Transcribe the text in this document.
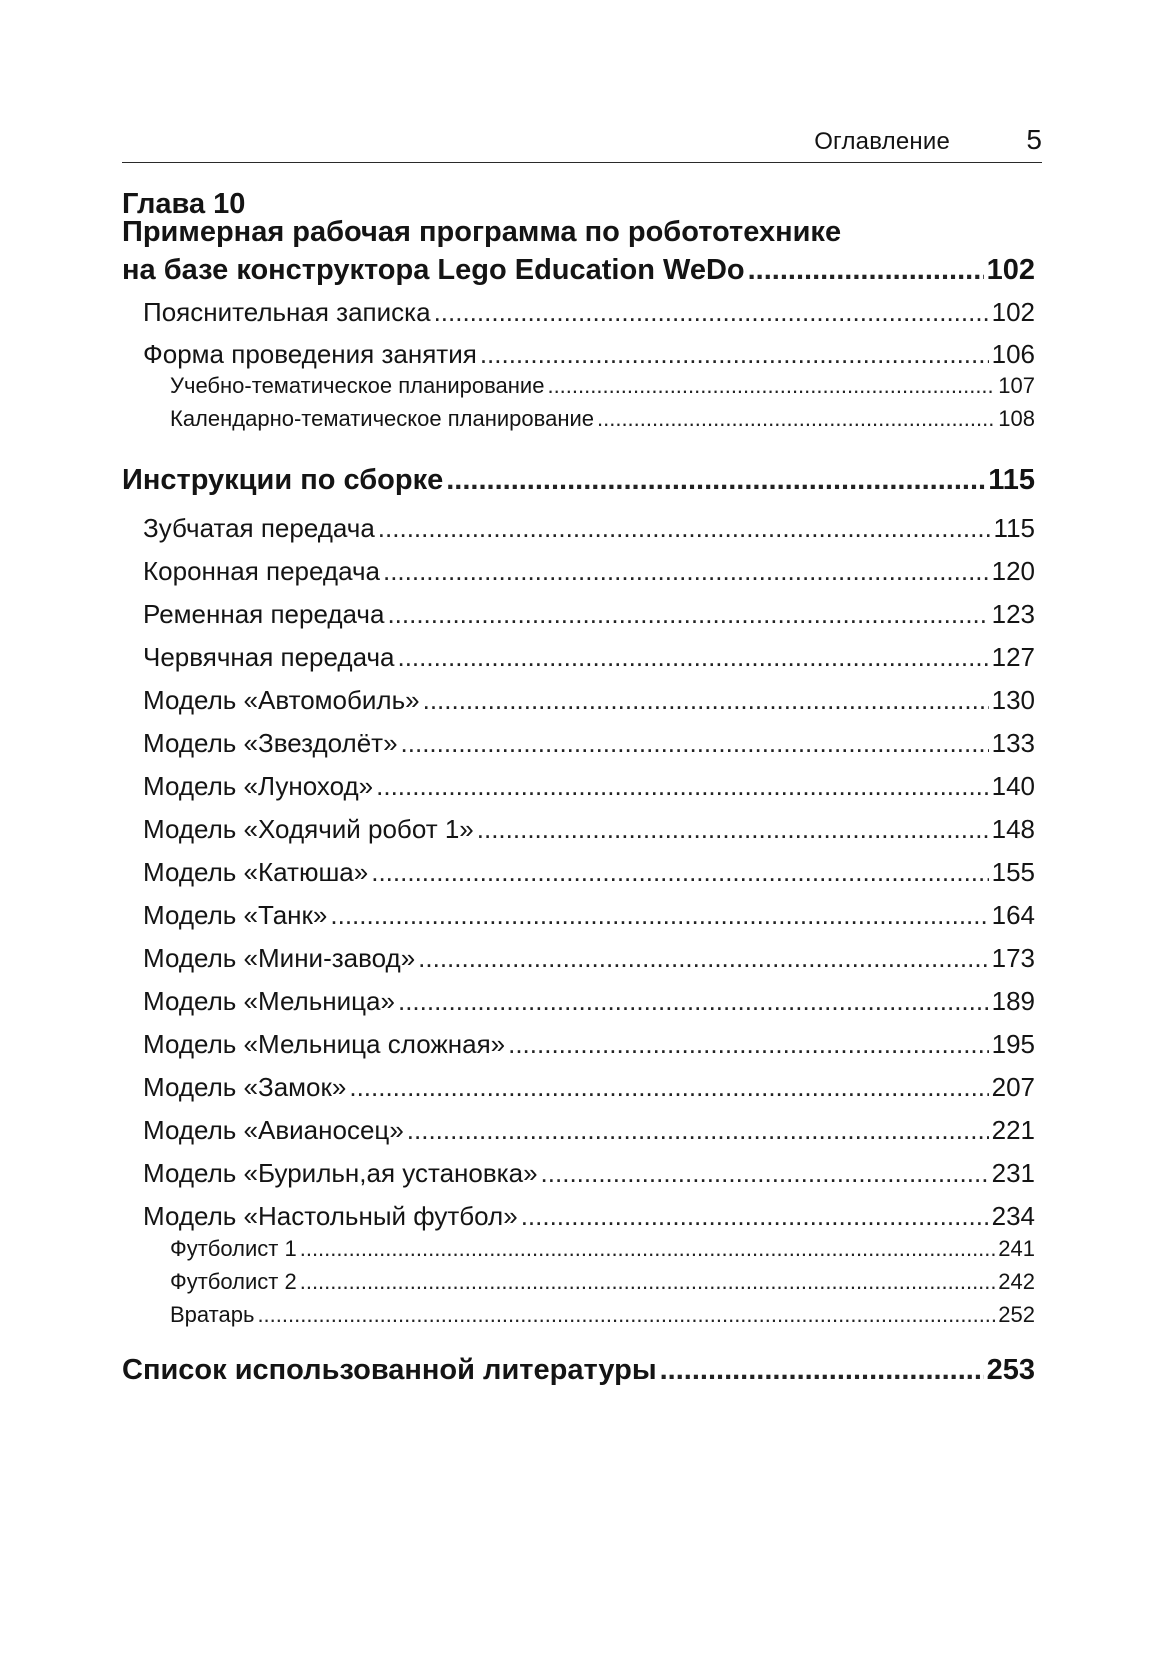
Оглавление	5
Глава 10
Примерная рабочая программа по робототехнике
на базе конструктора Lego Education WeDo .....	102
Пояснительная записка .....	102
Форма проведения занятия .....	106
Учебно-тематическое планирование .....	107
Календарно-тематическое планирование .....	108
Инструкции по сборке .....	115
Зубчатая передача .....	115
Коронная передача .....	120
Ременная передача .....	123
Червячная передача .....	127
Модель «Автомобиль» .....	130
Модель «Звездолёт» .....	133
Модель «Луноход» .....	140
Модель «Ходячий робот 1» .....	148
Модель «Катюша» .....	155
Модель «Танк» .....	164
Модель «Мини-завод» .....	173
Модель «Мельница» .....	189
Модель «Мельница сложная» .....	195
Модель «Замок» .....	207
Модель «Авианосец» .....	221
Модель «Бурильн,ая установка» .....	231
Модель «Настольный футбол» .....	234
Футболист 1 .....	241
Футболист 2 .....	242
Вратарь .....	252
Список использованной литературы .....	253
